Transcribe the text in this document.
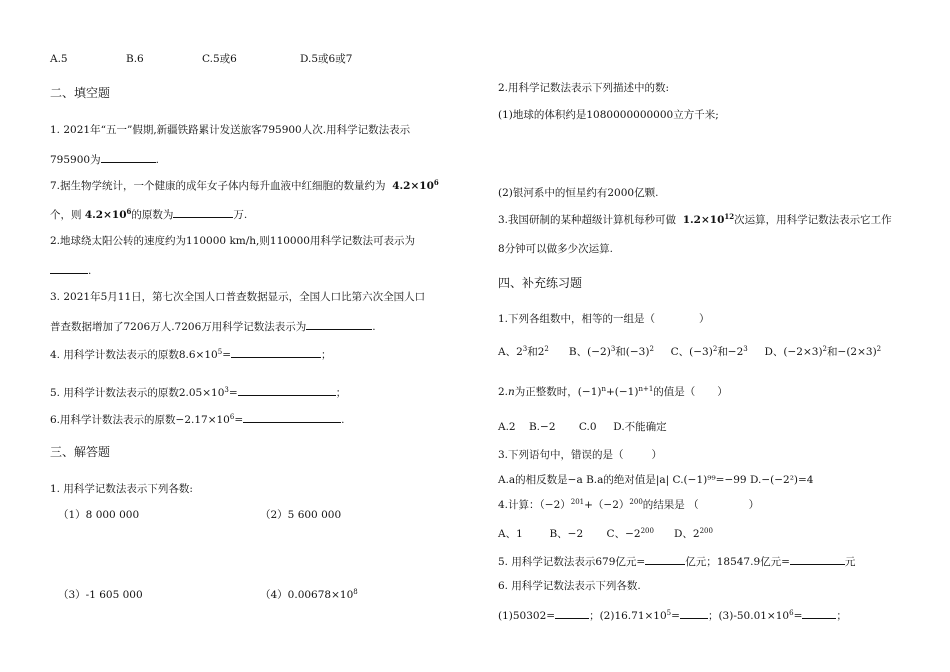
A.5	B.6	C.5或6	D.5或6或7
二、填空题
1. 2021年“五一”假期,新疆铁路累计发送旅客795900人次.用科学记数法表示
795900为	.
7.据生物学统计，一个健康的成年女子体内每升血液中红细胞的数量约为 $4.2\times 10^6$
个，则 $4.2\times 10^6$的原数为	万.
2.地球绕太阳公转的速度约为110000 km/h,则110000用科学记数法可表示为
.
3. 2021年5月11日，第七次全国人口普查数据显示，全国人口比第六次全国人口
普查数据增加了7206万人.7206万用科学记数法表示为	.
4. 用科学计数法表示的原数$8.6\times 10^5=$	；
5. 用科学计数法表示的原数$2.05\times 10^3=$	；
6.用科学计数法表示的原数$-2.17\times 10^6=$	.
三、解答题
1. 用科学记数法表示下列各数:
（1）8 000 000	（2）5 600 000
（3）-1 605 000	$(4)0.00678\times 10^8$
2.用科学记数法表示下列描述中的数:
(1)地球的体积约是1080000000000立方千米;
(2)银河系中的恒星约有2000亿颗.
3.我国研制的某种超级计算机每秒可做 $1.2\times 10^{12}$次运算，用科学记数法表示它工作
8分钟可以做多少次运算.
四、补充练习题
1.下列各组数中，相等的一组是（	）
A、$2^3$和$2^2$ B、$(-2)^3$和$(-3)^2$ C、$(-3)^2$和$-2^3$ D、$(-2\times 3)^2$和$-(2\times 3)^2$
2.n为正整数时，$(-1)^n+(-1)^{n+1}$的值是（ ）
A.2 B.−2 C.0 D.不能确定
3.下列语句中，错误的是（	）
A.a的相反数是−a B.a的绝对值是|a| C.(−1)⁹⁹=−99 D.−(−2²)=4
4.计算：$(-2)^{201}+(-2)^{200}$的结果是 （	）
A、1	B、−2 C、$-2^{200}$ D、$2^{200}$
5. 用科学记数法表示679亿元=	亿元；18547.9亿元=	元
6. 用科学记数法表示下列各数.
(1)50302=	；$(2)16.71\times 10^5=$	；$(3)-50.01\times 10^6=$	；
